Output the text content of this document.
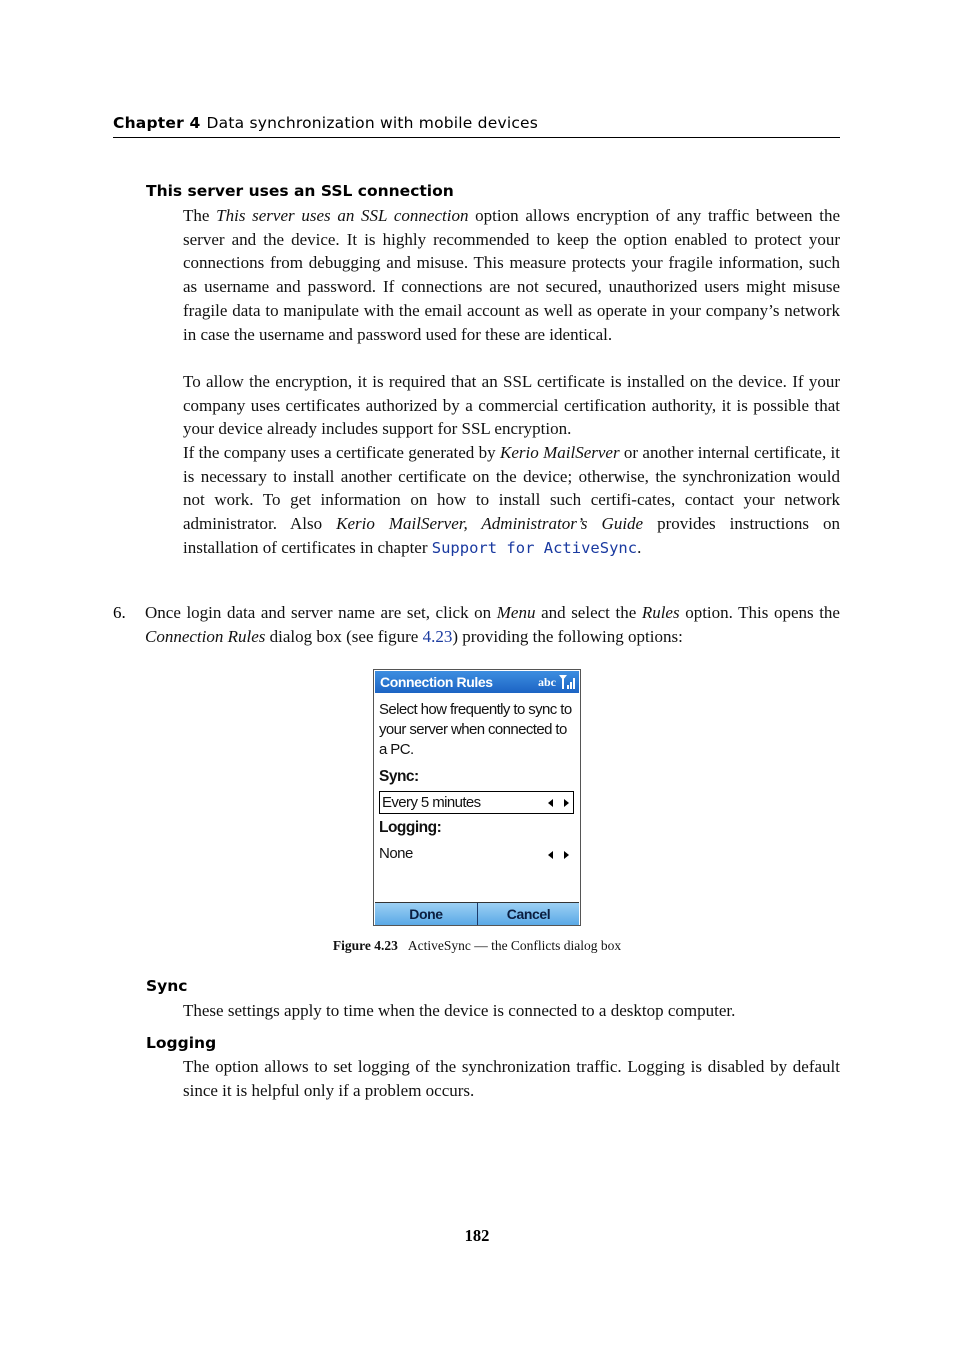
Chapter 4 Data synchronization with mobile devices
This server uses an SSL connection

The This server uses an SSL connection option allows encryption of any traffic between the server and the device. It is highly recommended to keep the option enabled to protect your connections from debugging and misuse. This measure protects your fragile information, such as username and password. If connections are not secured, unauthorized users might misuse fragile data to manipulate with the email account as well as operate in your company’s network in case the username and password used for these are identical.

To allow the encryption, it is required that an SSL certificate is installed on the device. If your company uses certificates authorized by a commercial certification authority, it is possible that your device already includes support for SSL encryption.

If the company uses a certificate generated by Kerio MailServer or another internal certificate, it is necessary to install another certificate on the device; otherwise, the synchronization would not work. To get information on how to install such certifi-cates, contact your network administrator. Also Kerio MailServer, Administrator’s Guide provides instructions on installation of certificates in chapter Support for ActiveSync.

6. Once login data and server name are set, click on Menu and select the Rules option. This opens the Connection Rules dialog box (see figure 4.23) providing the following options:

Connection Rules	abc
Select how frequently to sync to your server when connected to a PC.
Sync:
Every 5 minutes
Logging:
None
Done	Cancel
Figure 4.23 ActiveSync — the Conflicts dialog box
Sync

These settings apply to time when the device is connected to a desktop computer.

Logging

The option allows to set logging of the synchronization traffic. Logging is disabled by default since it is helpful only if a problem occurs.

182
